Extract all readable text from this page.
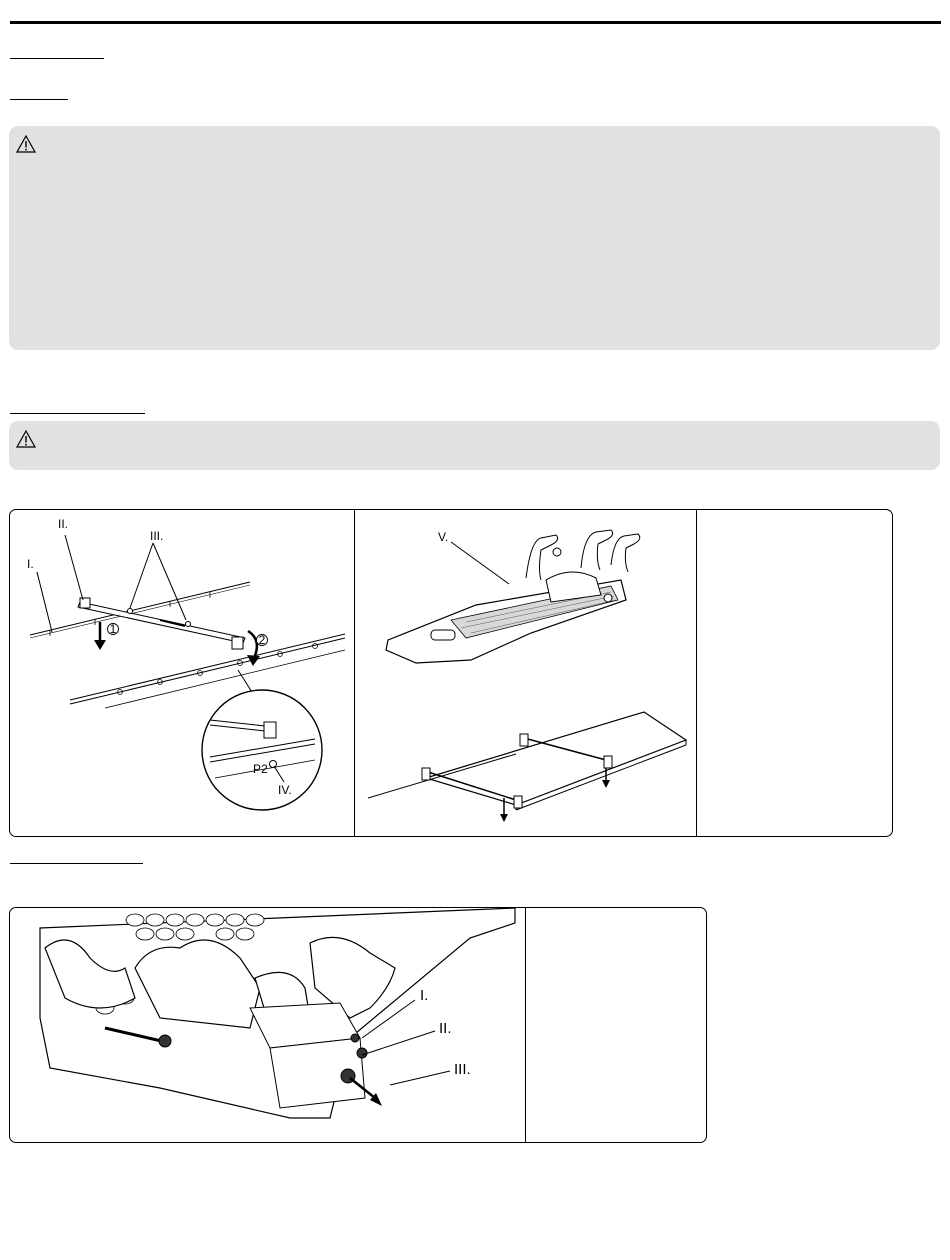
1
2
P2
I.
II.
III.
IV.
V.
I.
II.
III.
